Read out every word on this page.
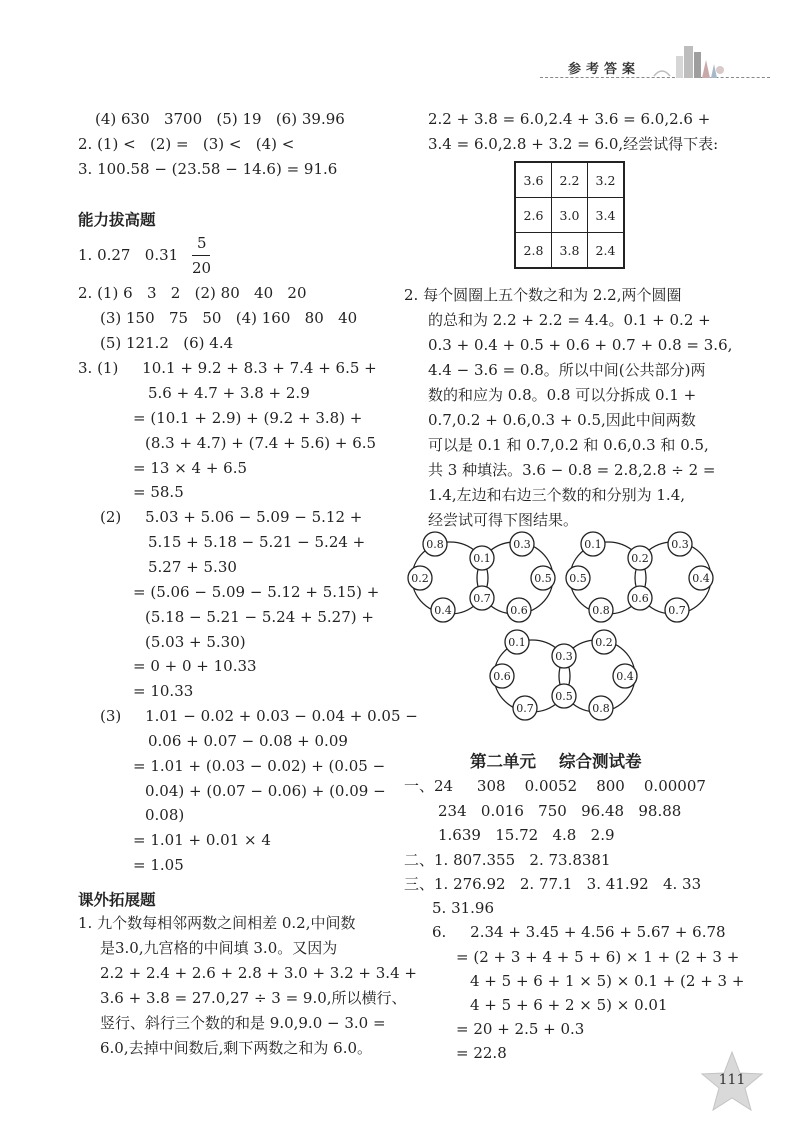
参考答案
(4) 630   3700   (5) 19   (6) 39.96
2. (1) <   (2) =   (3) <   (4) <
3. 100.58 − (23.58 − 14.6) = 91.6
能力拔高题
1. 0.27   0.31
5
20
2. (1) 6   3   2   (2) 80   40   20
(3) 150   75   50   (4) 160   80   40
(5) 121.2   (6) 4.4
3. (1)     10.1 + 9.2 + 8.3 + 7.4 + 6.5 +
5.6 + 4.7 + 3.8 + 2.9
= (10.1 + 2.9) + (9.2 + 3.8) +
(8.3 + 4.7) + (7.4 + 5.6) + 6.5
= 13 × 4 + 6.5
= 58.5
(2)     5.03 + 5.06 − 5.09 − 5.12 +
5.15 + 5.18 − 5.21 − 5.24 +
5.27 + 5.30
= (5.06 − 5.09 − 5.12 + 5.15) +
(5.18 − 5.21 − 5.24 + 5.27) +
(5.03 + 5.30)
= 0 + 0 + 10.33
= 10.33
(3)     1.01 − 0.02 + 0.03 − 0.04 + 0.05 −
0.06 + 0.07 − 0.08 + 0.09
= 1.01 + (0.03 − 0.02) + (0.05 −
0.04) + (0.07 − 0.06) + (0.09 −
0.08)
= 1.01 + 0.01 × 4
= 1.05
课外拓展题
1. 九个数每相邻两数之间相差 0.2,中间数
是3.0,九宫格的中间填 3.0。又因为
2.2 + 2.4 + 2.6 + 2.8 + 3.0 + 3.2 + 3.4 +
3.6 + 3.8 = 27.0,27 ÷ 3 = 9.0,所以横行、
竖行、斜行三个数的和是 9.0,9.0 − 3.0 =
6.0,去掉中间数后,剩下两数之和为 6.0。
2.2 + 3.8 = 6.0,2.4 + 3.6 = 6.0,2.6 +
3.4 = 6.0,2.8 + 3.2 = 6.0,经尝试得下表:
3.6	2.2	3.2
2.6	3.0	3.4
2.8	3.8	2.4
2. 每个圆圈上五个数之和为 2.2,两个圆圈
的总和为 2.2 + 2.2 = 4.4。0.1 + 0.2 +
0.3 + 0.4 + 0.5 + 0.6 + 0.7 + 0.8 = 3.6,
4.4 − 3.6 = 0.8。所以中间(公共部分)两
数的和应为 0.8。0.8 可以分拆成 0.1 +
0.7,0.2 + 0.6,0.3 + 0.5,因此中间两数
可以是 0.1 和 0.7,0.2 和 0.6,0.3 和 0.5,
共 3 种填法。3.6 − 0.8 = 2.8,2.8 ÷ 2 =
1.4,左边和右边三个数的和分别为 1.4,
经尝试可得下图结果。
0.8
0.2
0.4
0.1
0.7
0.3
0.5
0.6
0.1
0.5
0.8
0.2
0.6
0.3
0.4
0.7
0.1
0.6
0.7
0.3
0.5
0.2
0.4
0.8
第二单元    综合测试卷
一、24     308    0.0052    800    0.00007
234   0.016   750   96.48   98.88
1.639   15.72   4.8   2.9
二、1. 807.355   2. 73.8381
三、1. 276.92   2. 77.1   3. 41.92   4. 33
5. 31.96
6.     2.34 + 3.45 + 4.56 + 5.67 + 6.78
= (2 + 3 + 4 + 5 + 6) × 1 + (2 + 3 +
4 + 5 + 6 + 1 × 5) × 0.1 + (2 + 3 +
4 + 5 + 6 + 2 × 5) × 0.01
= 20 + 2.5 + 0.3
= 22.8
111
